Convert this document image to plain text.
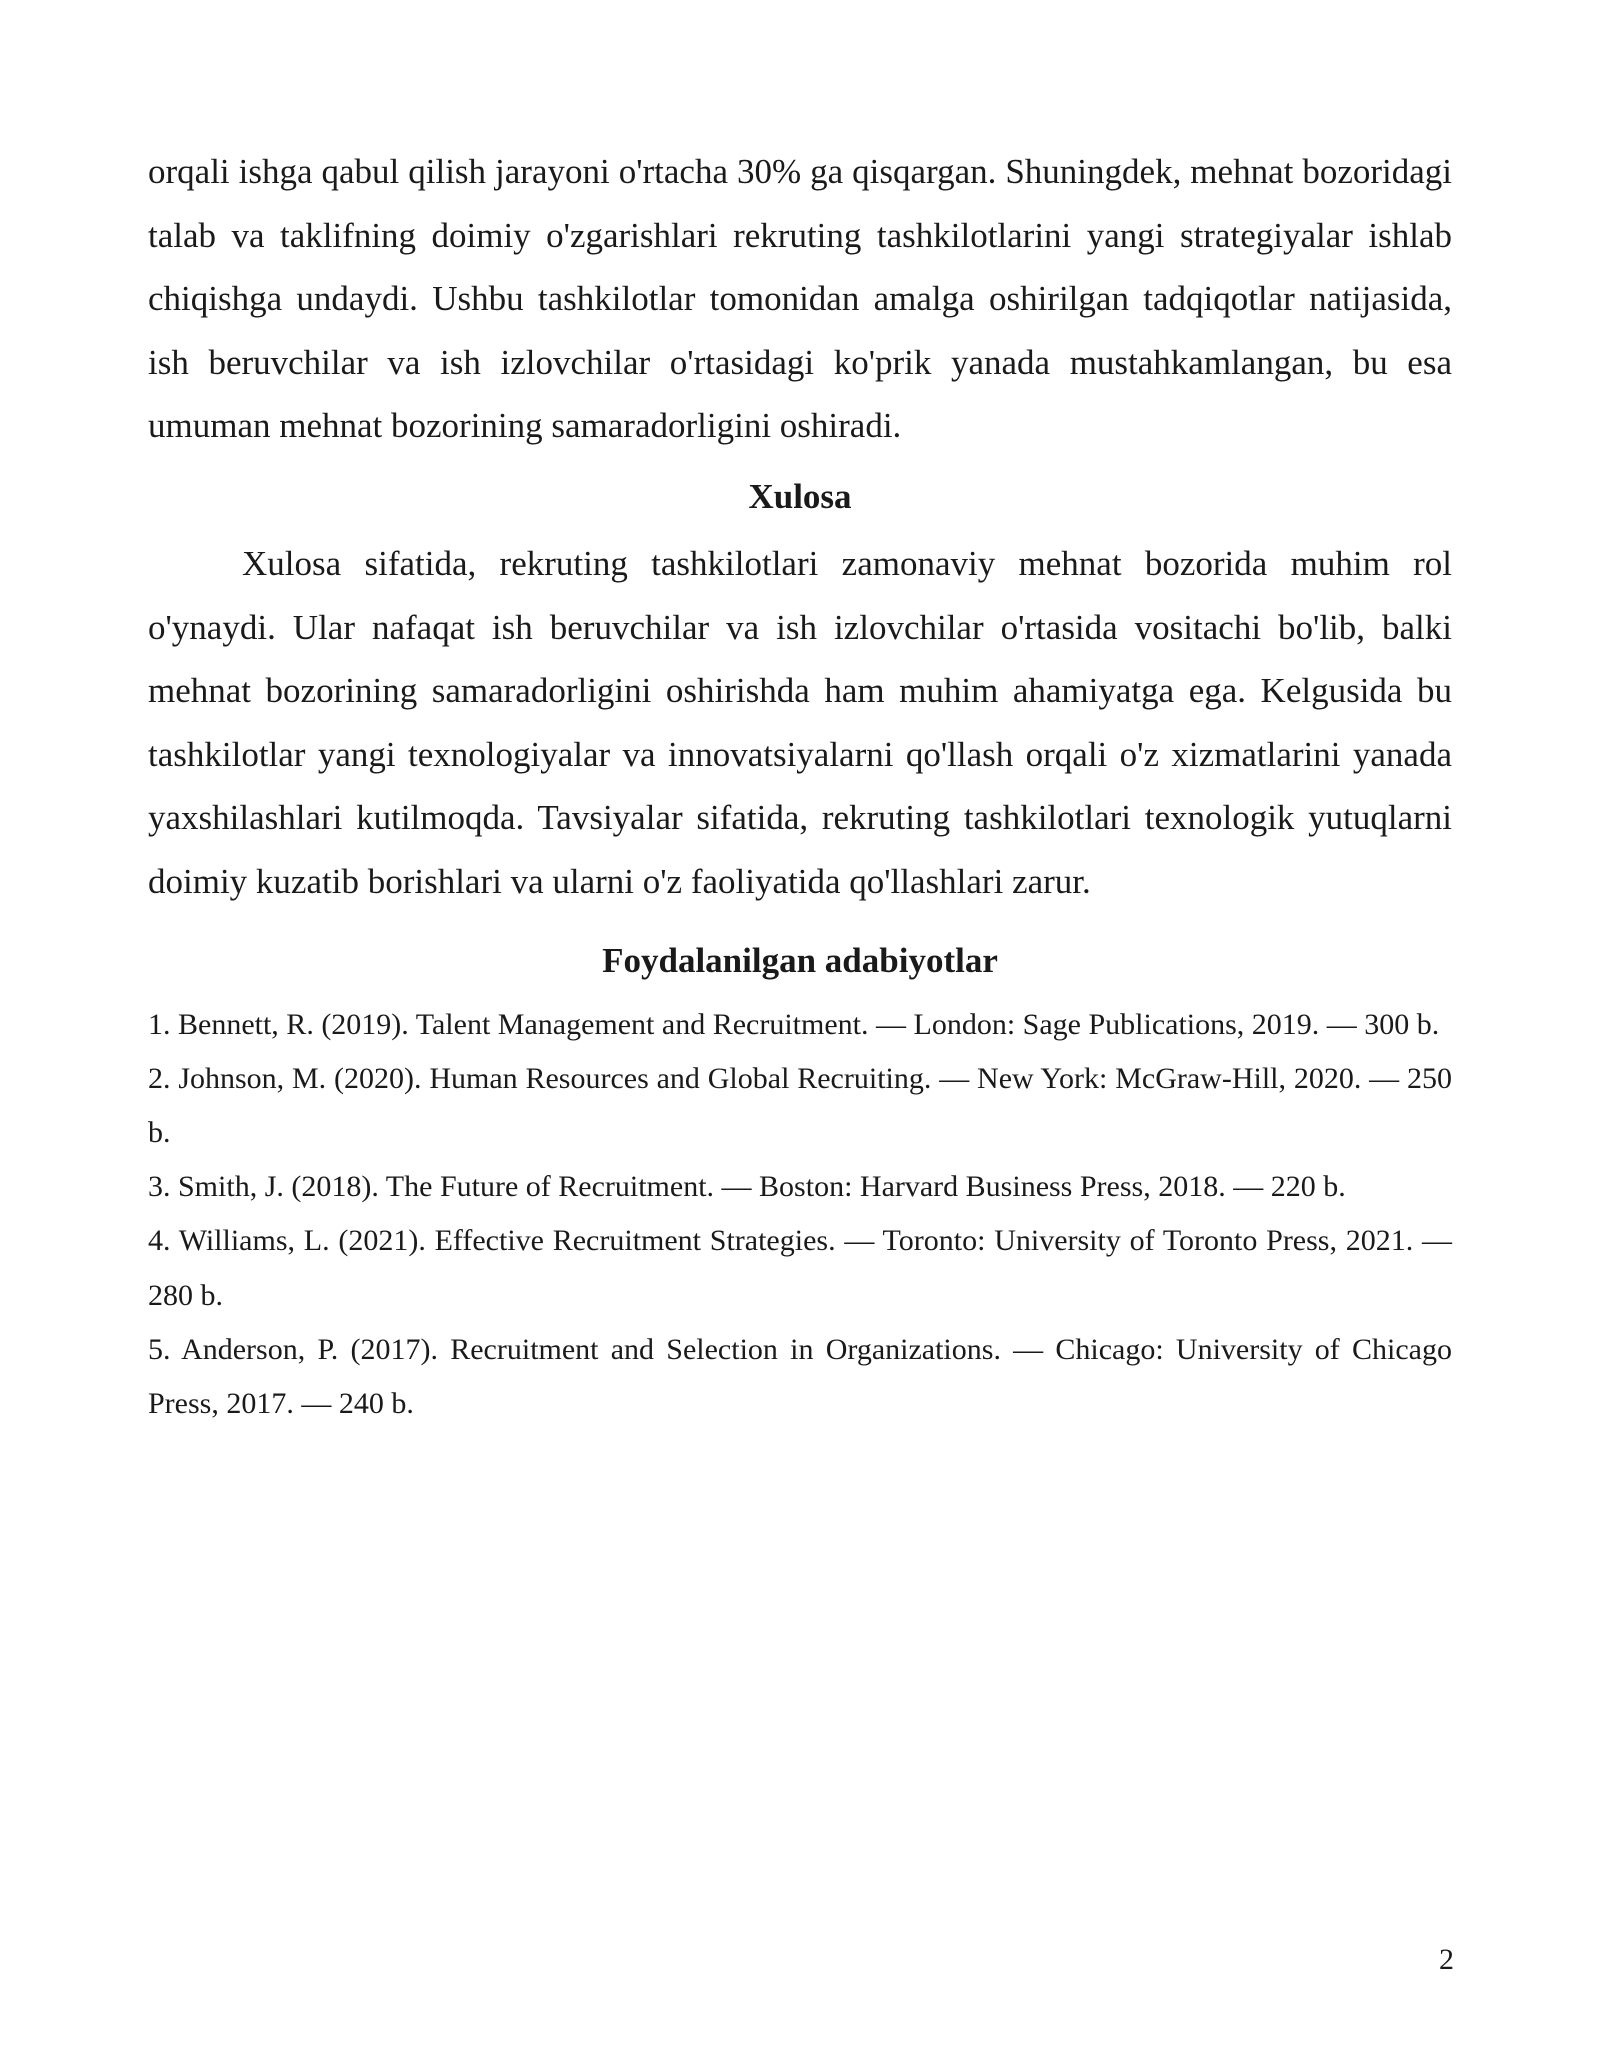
orqali ishga qabul qilish jarayoni o'rtacha 30% ga qisqargan. Shuningdek, mehnat bozoridagi talab va taklifning doimiy o'zgarishlari rekruting tashkilotlarini yangi strategiyalar ishlab chiqishga undaydi. Ushbu tashkilotlar tomonidan amalga oshirilgan tadqiqotlar natijasida, ish beruvchilar va ish izlovchilar o'rtasidagi ko'prik yanada mustahkamlangan, bu esa umuman mehnat bozorining samaradorligini oshiradi.

Xulosa

Xulosa sifatida, rekruting tashkilotlari zamonaviy mehnat bozorida muhim rol o'ynaydi. Ular nafaqat ish beruvchilar va ish izlovchilar o'rtasida vositachi bo'lib, balki mehnat bozorining samaradorligini oshirishda ham muhim ahamiyatga ega. Kelgusida bu tashkilotlar yangi texnologiyalar va innovatsiyalarni qo'llash orqali o'z xizmatlarini yanada yaxshilashlari kutilmoqda. Tavsiyalar sifatida, rekruting tashkilotlari texnologik yutuqlarni doimiy kuzatib borishlari va ularni o'z faoliyatida qo'llashlari zarur.

Foydalanilgan adabiyotlar
1. Bennett, R. (2019). Talent Management and Recruitment. — London: Sage Publications, 2019. — 300 b.
2. Johnson, M. (2020). Human Resources and Global Recruiting. — New York: McGraw-Hill, 2020. — 250 b.
3. Smith, J. (2018). The Future of Recruitment. — Boston: Harvard Business Press, 2018. — 220 b.
4. Williams, L. (2021). Effective Recruitment Strategies. — Toronto: University of Toronto Press, 2021. — 280 b.
5. Anderson, P. (2017). Recruitment and Selection in Organizations. — Chicago: University of Chicago Press, 2017. — 240 b.
2
